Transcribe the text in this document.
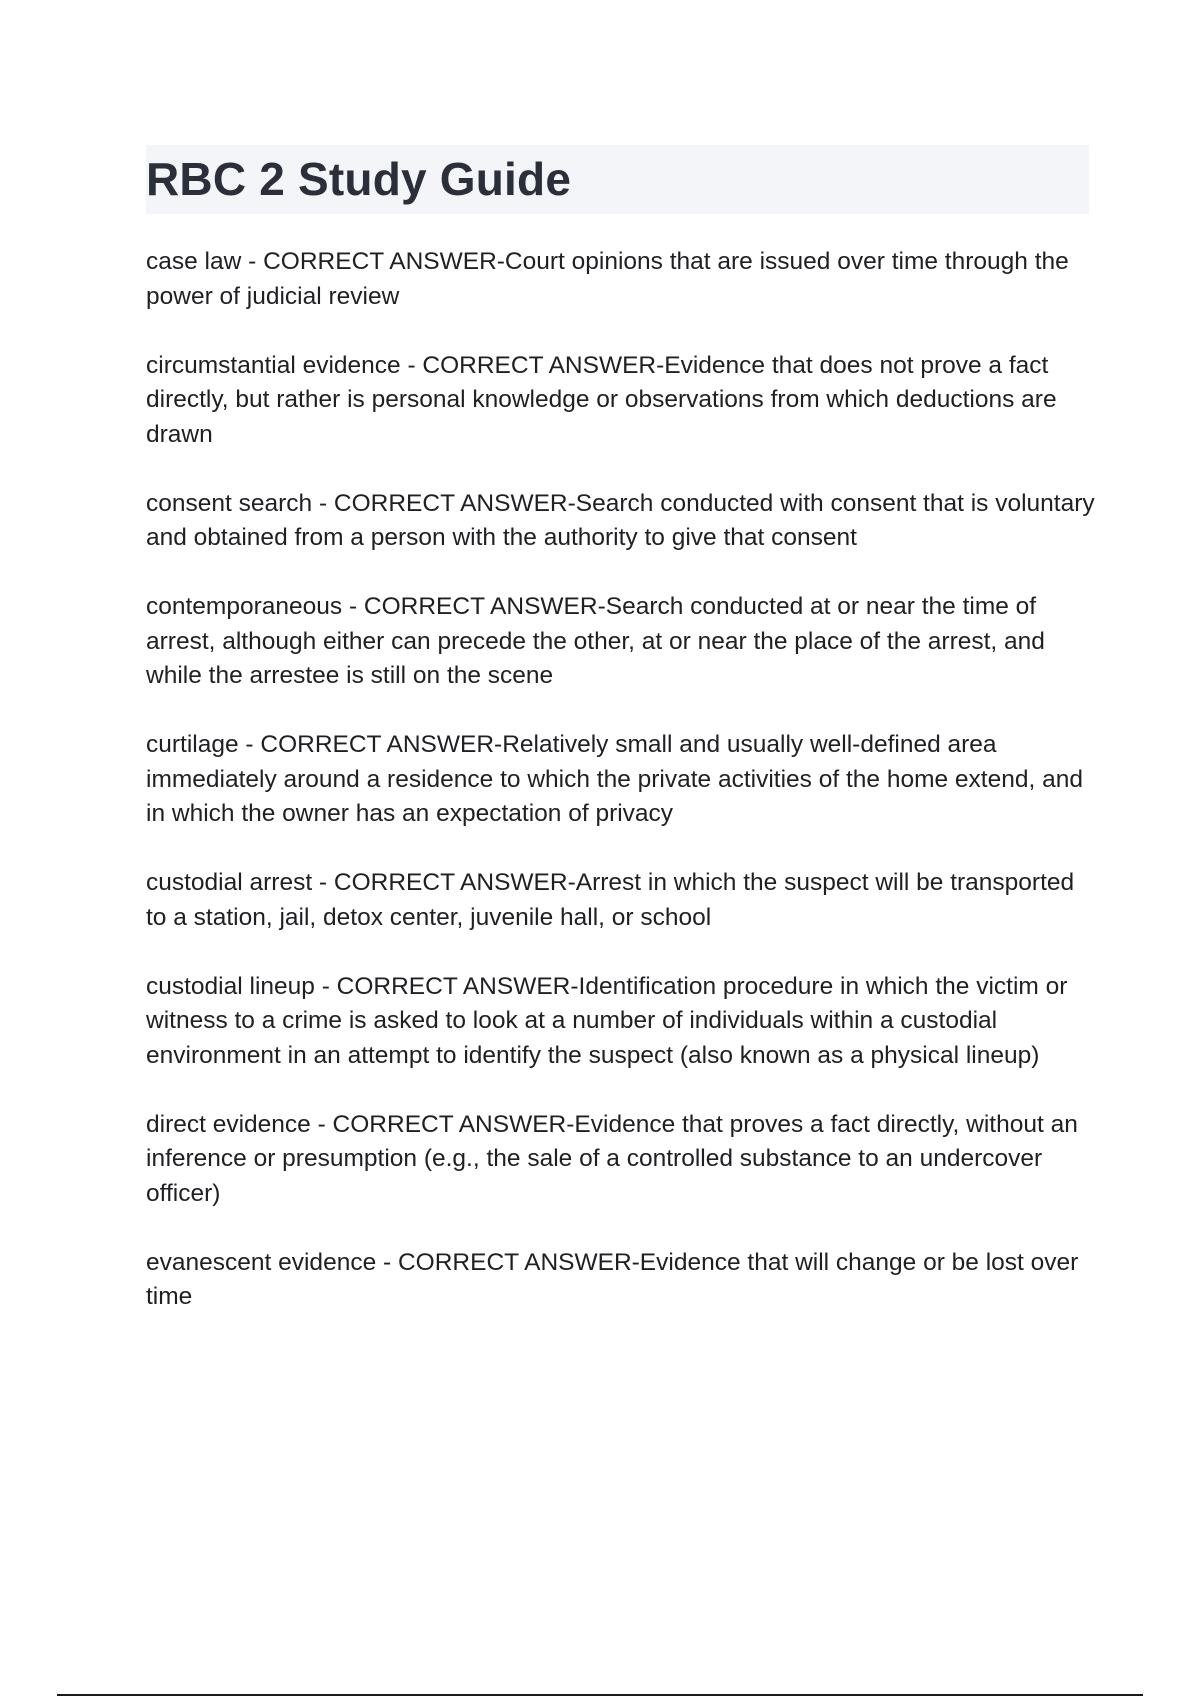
RBC 2 Study Guide
case law - CORRECT ANSWER-Court opinions that are issued over time through the power of judicial review
circumstantial evidence - CORRECT ANSWER-Evidence that does not prove a fact directly, but rather is personal knowledge or observations from which deductions are drawn
consent search - CORRECT ANSWER-Search conducted with consent that is voluntary and obtained from a person with the authority to give that consent
contemporaneous - CORRECT ANSWER-Search conducted at or near the time of arrest, although either can precede the other, at or near the place of the arrest, and while the arrestee is still on the scene
curtilage - CORRECT ANSWER-Relatively small and usually well-defined area immediately around a residence to which the private activities of the home extend, and in which the owner has an expectation of privacy
custodial arrest - CORRECT ANSWER-Arrest in which the suspect will be transported to a station, jail, detox center, juvenile hall, or school
custodial lineup - CORRECT ANSWER-Identification procedure in which the victim or witness to a crime is asked to look at a number of individuals within a custodial environment in an attempt to identify the suspect (also known as a physical lineup)
direct evidence - CORRECT ANSWER-Evidence that proves a fact directly, without an inference or presumption (e.g., the sale of a controlled substance to an undercover officer)
evanescent evidence - CORRECT ANSWER-Evidence that will change or be lost over time
